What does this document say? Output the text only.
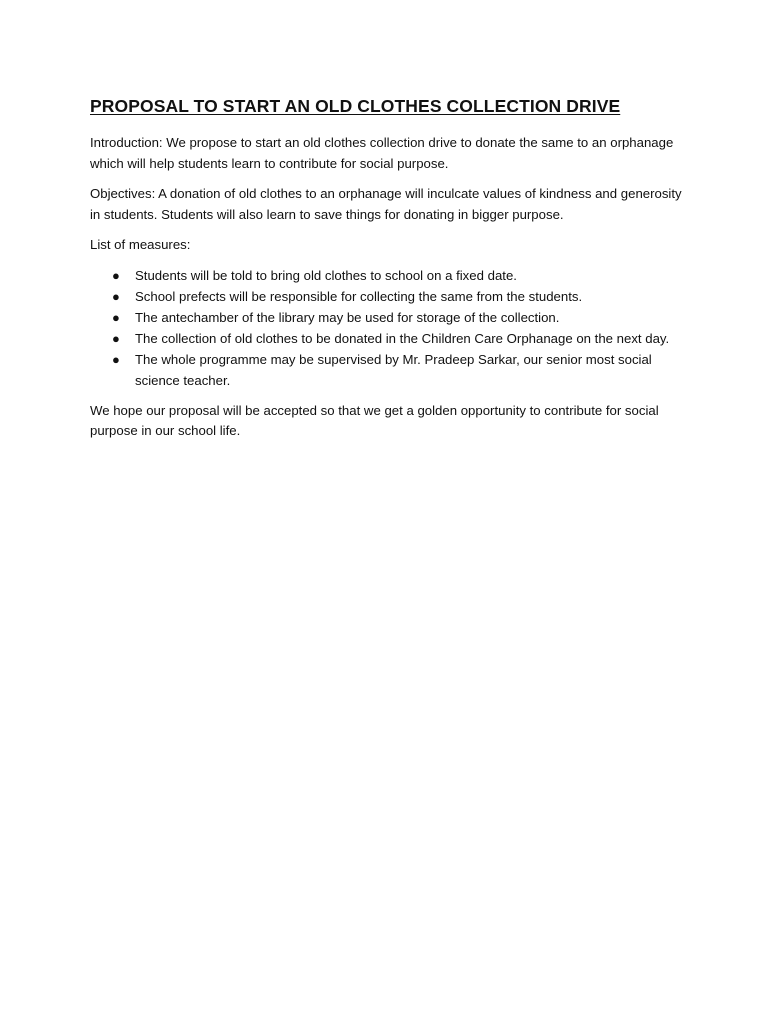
PROPOSAL TO START AN OLD CLOTHES COLLECTION DRIVE

Introduction: We propose to start an old clothes collection drive to donate the same to an orphanage which will help students learn to contribute for social purpose.

Objectives: A donation of old clothes to an orphanage will inculcate values of kindness and generosity in students. Students will also learn to save things for donating in bigger purpose.

List of measures:

● Students will be told to bring old clothes to school on a fixed date.
● School prefects will be responsible for collecting the same from the students.
● The antechamber of the library may be used for storage of the collection.
● The collection of old clothes to be donated in the Children Care Orphanage on the next day.
● The whole programme may be supervised by Mr. Pradeep Sarkar, our senior most social science teacher.

We hope our proposal will be accepted so that we get a golden opportunity to contribute for social purpose in our school life.
